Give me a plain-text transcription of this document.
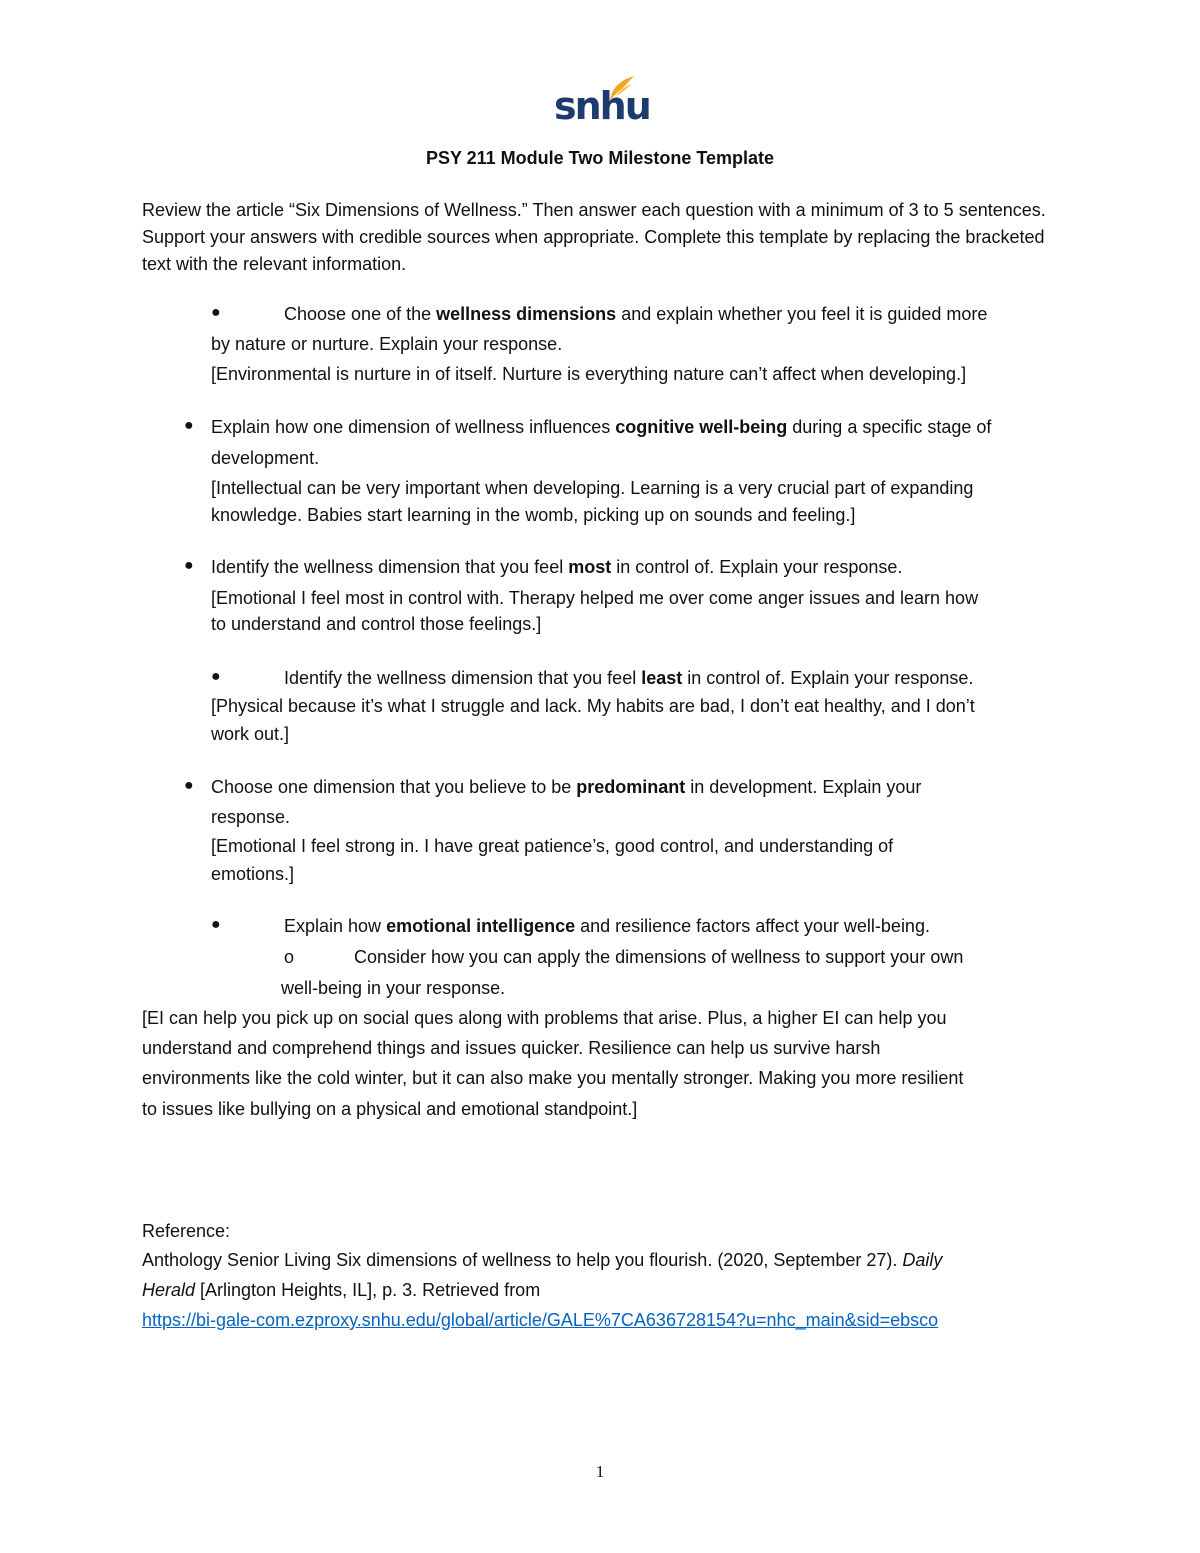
snhu
PSY 211 Module Two Milestone Template
Review the article “Six Dimensions of Wellness.” Then answer each question with a minimum of 3 to 5 sentences. Support your answers with credible sources when appropriate. Complete this template by replacing the bracketed text with the relevant information.
●	Choose one of the wellness dimensions and explain whether you feel it is guided more
by nature or nurture. Explain your response.
[Environmental is nurture in of itself. Nurture is everything nature can’t affect when developing.]
● Explain how one dimension of wellness influences cognitive well-being during a specific stage of
development.
[Intellectual can be very important when developing. Learning is a very crucial part of expanding
knowledge. Babies start learning in the womb, picking up on sounds and feeling.]
● Identify the wellness dimension that you feel most in control of. Explain your response.
[Emotional I feel most in control with. Therapy helped me over come anger issues and learn how
to understand and control those feelings.]
●	Identify the wellness dimension that you feel least in control of. Explain your response.
[Physical because it’s what I struggle and lack. My habits are bad, I don’t eat healthy, and I don’t
work out.]
● Choose one dimension that you believe to be predominant in development. Explain your
response.
[Emotional I feel strong in. I have great patience’s, good control, and understanding of
emotions.]
●	Explain how emotional intelligence and resilience factors affect your well-being.
o	Consider how you can apply the dimensions of wellness to support your own
well-being in your response.
[EI can help you pick up on social ques along with problems that arise. Plus, a higher EI can help you
understand and comprehend things and issues quicker. Resilience can help us survive harsh
environments like the cold winter, but it can also make you mentally stronger. Making you more resilient
to issues like bullying on a physical and emotional standpoint.]
Reference:
Anthology Senior Living Six dimensions of wellness to help you flourish. (2020, September 27). Daily
Herald [Arlington Heights, IL], p. 3. Retrieved from
https://bi-gale-com.ezproxy.snhu.edu/global/article/GALE%7CA636728154?u=nhc_main&sid=ebsco
1
